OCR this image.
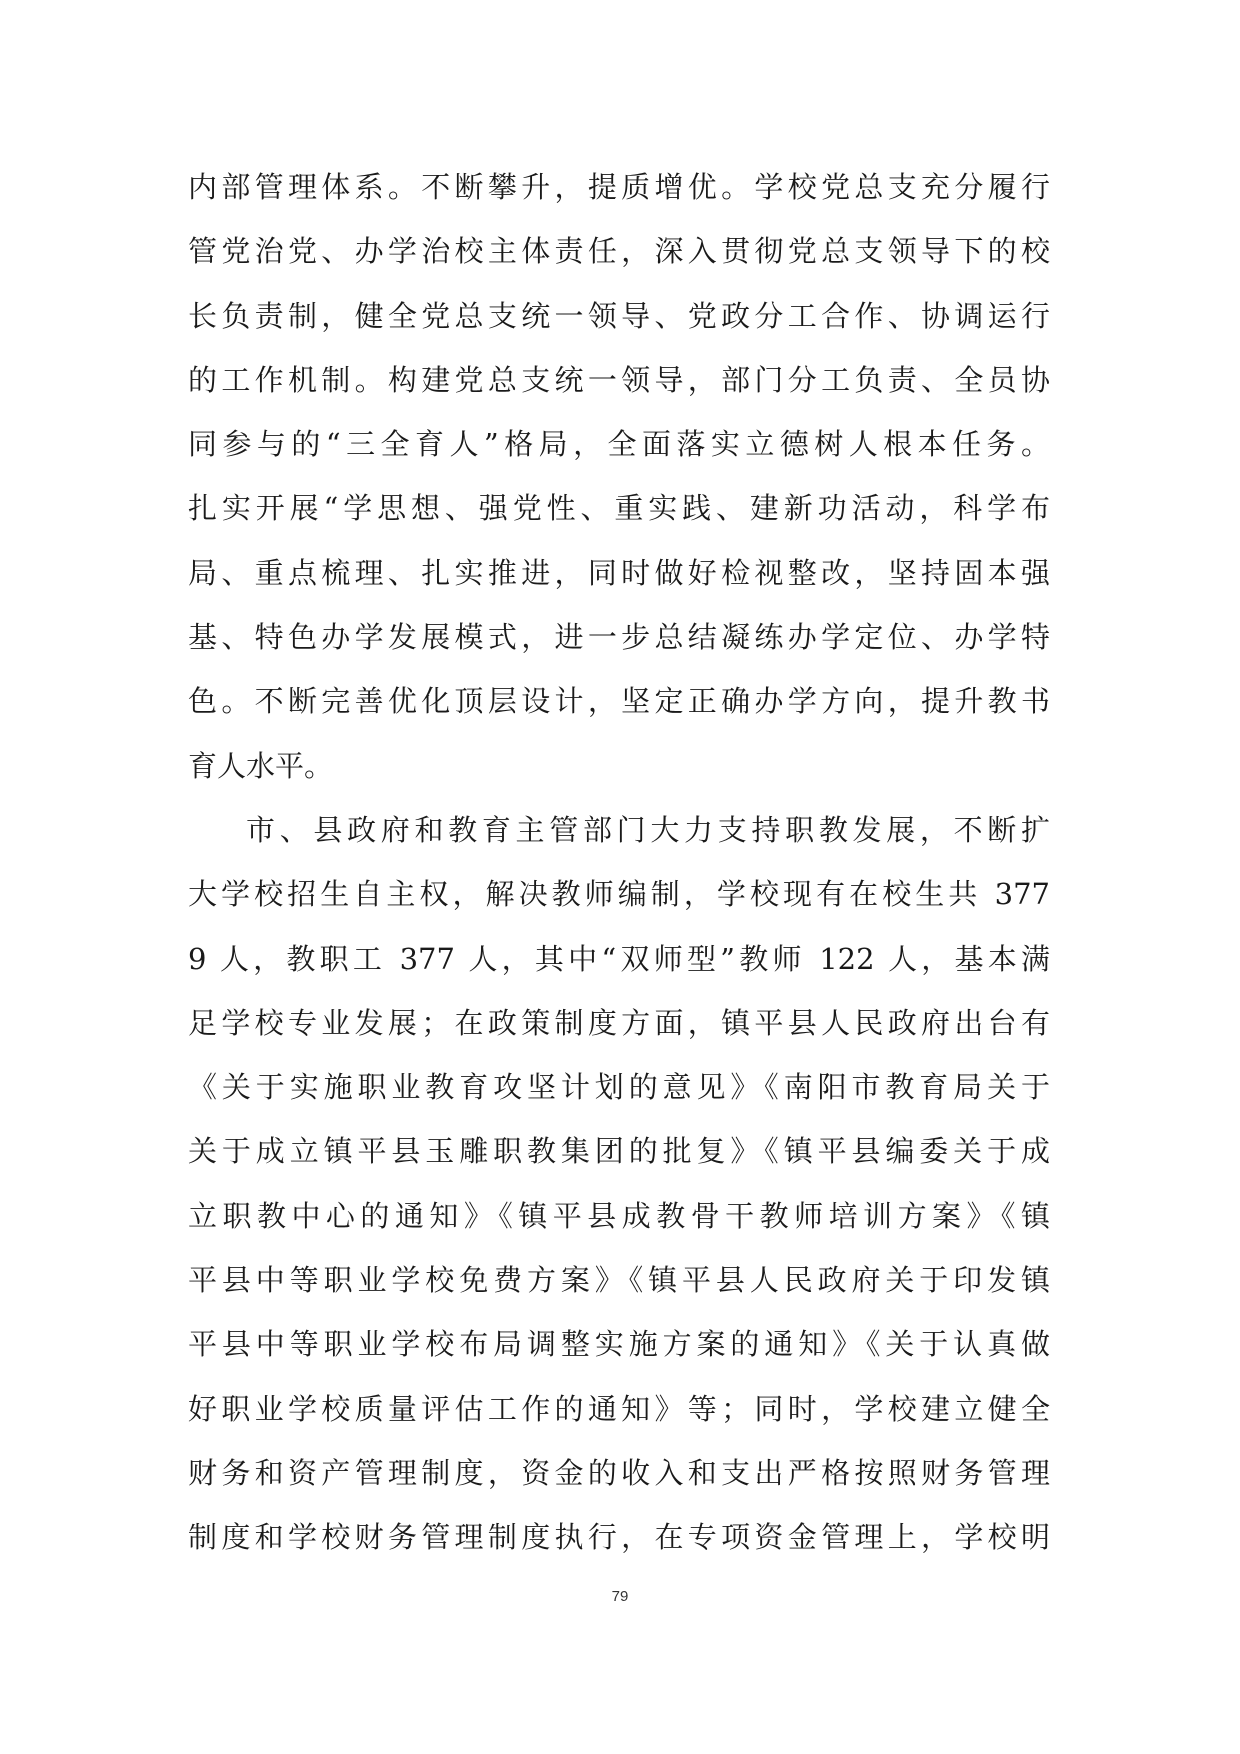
内部管理体系。不断攀升，提质增优。学校党总支充分履行
管党治党、办学治校主体责任，深入贯彻党总支领导下的校
长负责制，健全党总支统一领导、党政分工合作、协调运行
的工作机制。构建党总支统一领导，部门分工负责、全员协
同参与的“三全育人”格局，全面落实立德树人根本任务。
扎实开展“学思想、强党性、重实践、建新功活动，科学布
局、重点梳理、扎实推进，同时做好检视整改，坚持固本强
基、特色办学发展模式，进一步总结凝练办学定位、办学特
色。不断完善优化顶层设计，坚定正确办学方向，提升教书
育人水平。
市、县政府和教育主管部门大力支持职教发展，不断扩
大学校招生自主权，解决教师编制，学校现有在校生共 377
9 人，教职工 377 人，其中“双师型”教师 122 人，基本满
足学校专业发展；在政策制度方面，镇平县人民政府出台有
《关于实施职业教育攻坚计划的意见》《南阳市教育局关于
关于成立镇平县玉雕职教集团的批复》《镇平县编委关于成
立职教中心的通知》《镇平县成教骨干教师培训方案》《镇
平县中等职业学校免费方案》《镇平县人民政府关于印发镇
平县中等职业学校布局调整实施方案的通知》《关于认真做
好职业学校质量评估工作的通知》等；同时，学校建立健全
财务和资产管理制度，资金的收入和支出严格按照财务管理
制度和学校财务管理制度执行，在专项资金管理上，学校明
79
